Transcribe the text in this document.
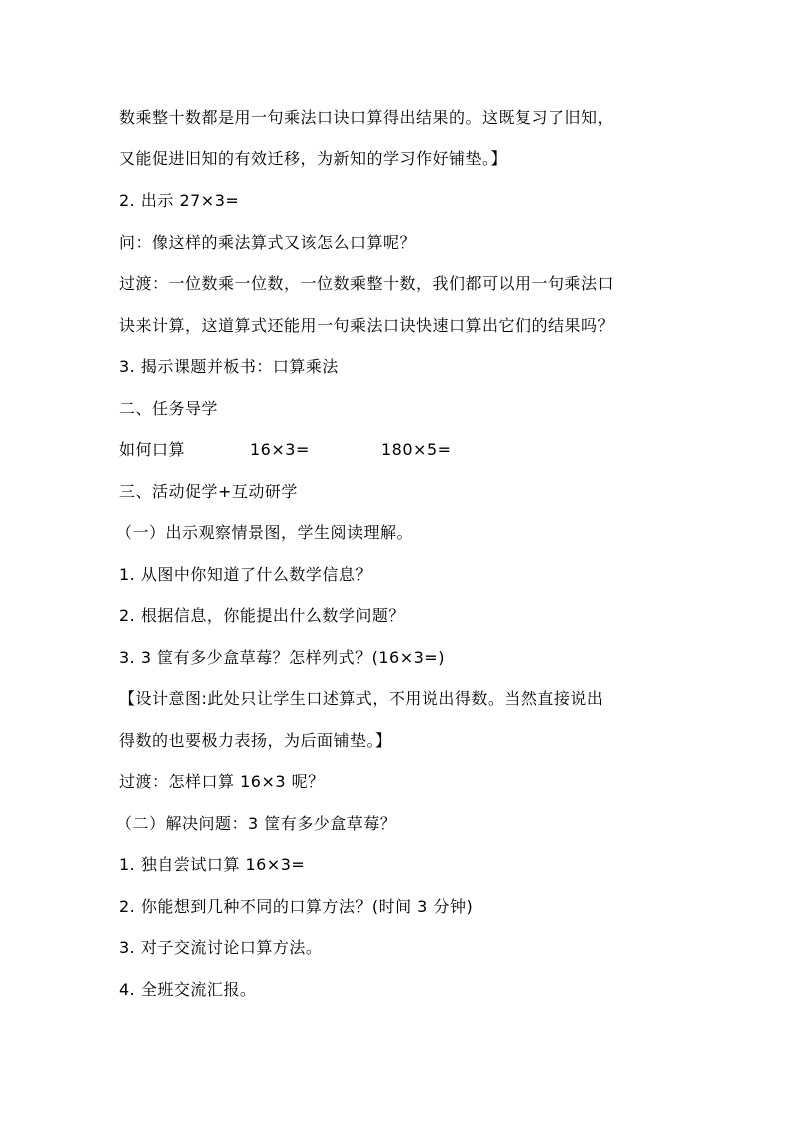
数乘整十数都是用一句乘法口诀口算得出结果的。这既复习了旧知，
又能促进旧知的有效迁移，为新知的学习作好铺垫。】
2. 出示 27×3=
问：像这样的乘法算式又该怎么口算呢？
过渡：一位数乘一位数，一位数乘整十数，我们都可以用一句乘法口
诀来计算，这道算式还能用一句乘法口诀快速口算出它们的结果吗？
3. 揭示课题并板书：口算乘法
二、任务导学
如何口算	16×3=	180×5=
三、活动促学+互动研学
（一）出示观察情景图，学生阅读理解。
1. 从图中你知道了什么数学信息？
2. 根据信息，你能提出什么数学问题？
3. 3 筐有多少盒草莓？怎样列式？(16×3=)
【设计意图:此处只让学生口述算式，不用说出得数。当然直接说出
得数的也要极力表扬，为后面铺垫。】
过渡：怎样口算 16×3 呢？
（二）解决问题：3 筐有多少盒草莓？
1. 独自尝试口算 16×3=
2. 你能想到几种不同的口算方法？(时间 3 分钟)
3. 对子交流讨论口算方法。
4. 全班交流汇报。
